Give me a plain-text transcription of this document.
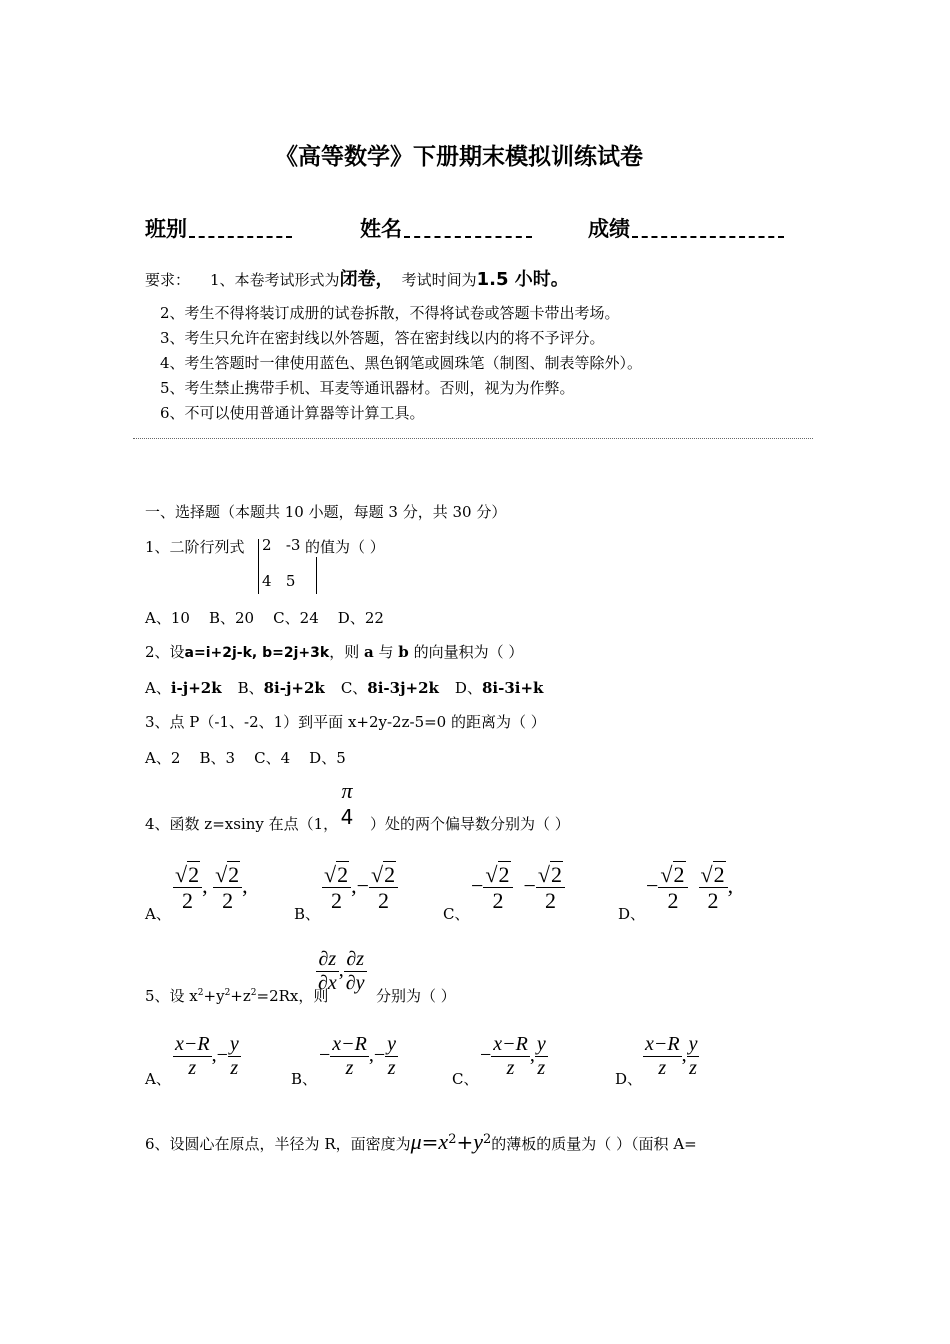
《高等数学》下册期末模拟训练试卷
班别	姓名	成绩
要求： 1、本卷考试形式为闭卷， 考试时间为1.5 小时。
2、考生不得将装订成册的试卷拆散，不得将试卷或答题卡带出考场。
3、考生只允许在密封线以外答题，答在密封线以内的将不予评分。
4、考生答题时一律使用蓝色、黑色钢笔或圆珠笔（制图、制表等除外）。
5、考生禁止携带手机、耳麦等通讯器材。否则，视为为作弊。
6、不可以使用普通计算器等计算工具。
一、选择题（本题共 10 小题，每题 3 分，共 30 分）
1、二阶行列式 2   -3
4   5
的值为（ ）
A、10    B、20    C、24    D、22
2、设a=i+2j-k, b=2j+3k，则 a 与 b 的向量积为（ ）
A、i-j+2k B、8i-j+2k C、8i-3j+2k D、8i-3i+k
3、点 P（-1、-2、1）到平面 x+2y-2z-5=0 的距离为（ ）
A、2    B、3    C、4    D、5
4、函数 z=xsiny 在点（1，
π
4	）处的两个偏导数分别为（ ）
A、
$\frac{√2}{2}$ , $\frac{√2}{2}$ ,
B、
$\frac{√2}{2}$ ,− $\frac{√2}{2}$
C、
− $\frac{√2}{2} - \frac{√2}{2}$
D、
− $\frac{√2}{2}$
$\frac{√2}{2}$ ,
5、设 $x^2+y^2+z^2=2Rx$，则
$\frac{\partial z}{\partial x}$ , $\frac{\partial z}{\partial y}$
分别为（ ）
A、 $\frac{x-R}{z}$ ,− $\frac{y}{z}$	B、
− $\frac{x-R}{z}$ ,− $\frac{y}{z}$	C、
− $\frac{x-R}{z}$ , $\frac{y}{z}$	D、 $\frac{x-R}{z}$ , $\frac{y}{z}$
6、设圆心在原点，半径为 R，面密度为$\mu=x^2+y^2$的薄板的质量为（ ）（面积 A=
